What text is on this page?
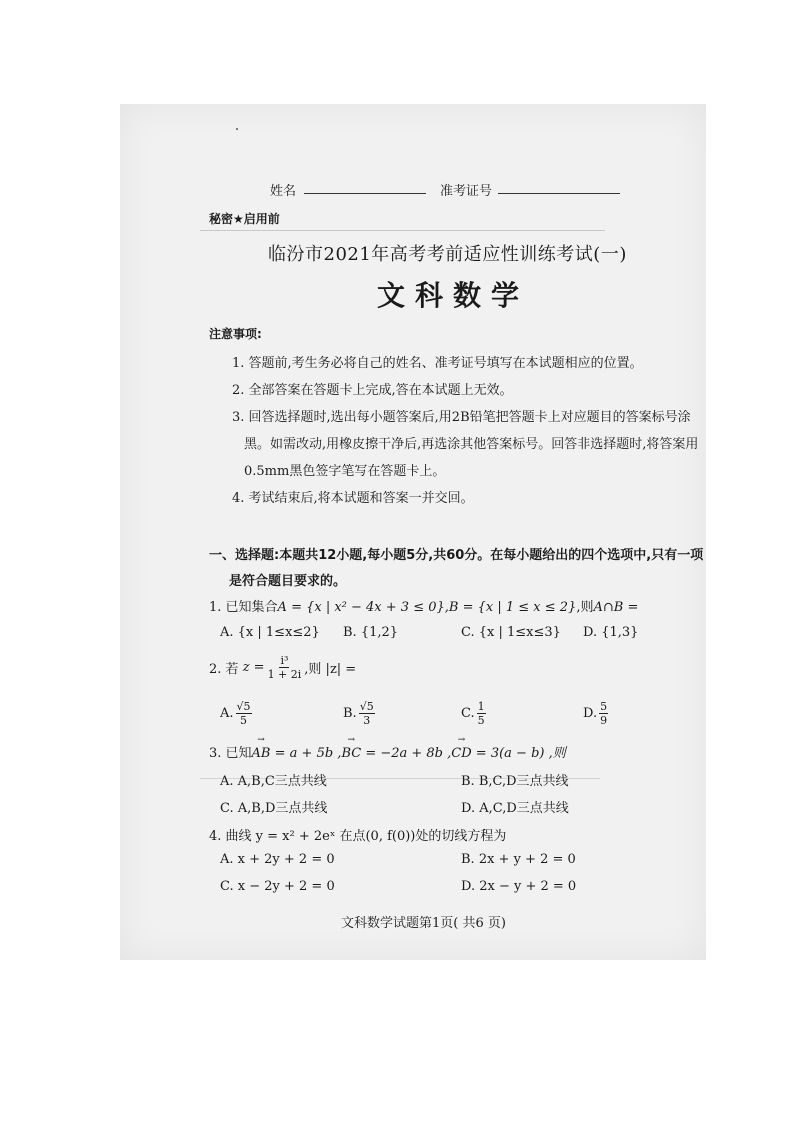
姓名	准考证号
秘密★启用前
临汾市2021年高考考前适应性训练考试(一)
文科数学
注意事项:
1. 答题前,考生务必将自己的姓名、准考证号填写在本试题相应的位置。
2. 全部答案在答题卡上完成,答在本试题上无效。
3. 回答选择题时,选出每小题答案后,用2B铅笔把答题卡上对应题目的答案标号涂
黑。如需改动,用橡皮擦干净后,再选涂其他答案标号。回答非选择题时,将答案用
0.5mm黑色签字笔写在答题卡上。
4. 考试结束后,将本试题和答案一并交回。
一、选择题:本题共12小题,每小题5分,共60分。在每小题给出的四个选项中,只有一项
是符合题目要求的。
1. 已知集合A = {x | x² − 4x + 3 ≤ 0},B = {x | 1 ≤ x ≤ 2},则A∩B =
A. {x | 1≤x≤2} B. {1,2}	C. {x | 1≤x≤3} D. {1,3}
2. 若
$z = \frac{\text{i³}}{1 + 2i}$ ,则 |z| =
A. $\frac{√5}{5}$	B. $\frac{√5}{3}$	C. $\frac{1}{5}$	D. $\frac{5}{9}$
3. 已知→ AB = a + 5b ,→ BC = −2a + 8b ,→ CD = 3(a − b) ,则
A. A,B,C三点共线	B. B,C,D三点共线
C. A,B,D三点共线	D. A,C,D三点共线
4. 曲线 y = x² + 2eˣ 在点(0, f(0))处的切线方程为
A. x + 2y + 2 = 0	B. 2x + y + 2 = 0
C. x − 2y + 2 = 0	D. 2x − y + 2 = 0
文科数学试题第1页( 共6 页)
